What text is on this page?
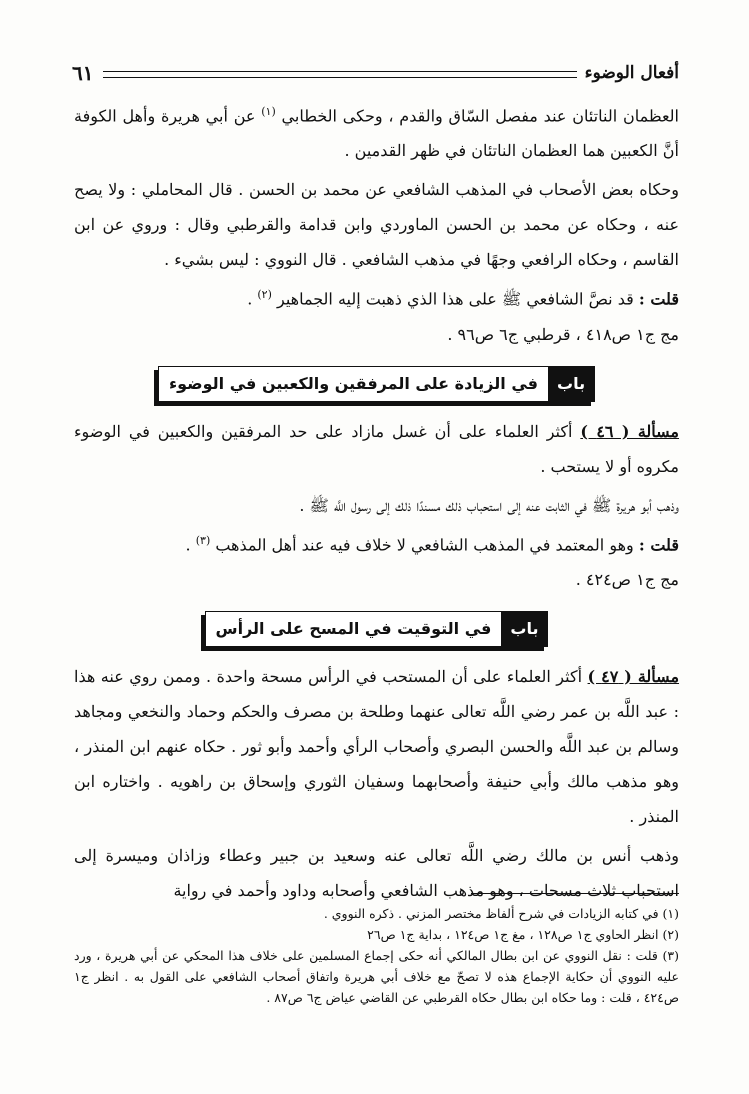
أفعال الوضوء
٦١

العظمان الناتئان عند مفصل السّاق والقدم ، وحكى الخطابي $^{(١)}$ عن أبي هريرة وأهل الكوفة أنَّ الكعبين هما العظمان الناتئان في ظهر القدمين .

وحكاه بعض الأصحاب في المذهب الشافعي عن محمد بن الحسن . قال المحاملي : ولا يصح عنه ، وحكاه عن محمد بن الحسن الماوردي وابن قدامة والقرطبي وقال : وروي عن ابن القاسم ، وحكاه الرافعي وجهًا في مذهب الشافعي . قال النووي : ليس بشيء .

قلت : قد نصَّ الشافعي ﷺ على هذا الذي ذهبت إليه الجماهير $^{(٢)}$ .

مج ج١ ص٤١٨ ، قرطبي ج٦ ص٩٦ .

باب
في الزيادة على المرفقين والكعبين في الوضوء

مسألة ( ٤٦ ) أكثر العلماء على أن غسل مازاد على حد المرفقين والكعبين في الوضوء مكروه أو لا يستحب .

وذهب أبو هريرة ﷺ في الثابت عنه إلى استحباب ذلك مسندًا ذلك إلى رسول اللَّه ﷺ .

قلت : وهو المعتمد في المذهب الشافعي لا خلاف فيه عند أهل المذهب $^{(٣)}$ .

مج ج١ ص٤٢٤ .

باب
في التوقيت في المسح على الرأس

مسألة ( ٤٧ ) أكثر العلماء على أن المستحب في الرأس مسحة واحدة . وممن روي عنه هذا : عبد اللَّه بن عمر رضي اللَّه تعالى عنهما وطلحة بن مصرف والحكم وحماد والنخعي ومجاهد وسالم بن عبد اللَّه والحسن البصري وأصحاب الرأي وأحمد وأبو ثور . حكاه عنهم ابن المنذر ، وهو مذهب مالك وأبي حنيفة وأصحابهما وسفيان الثوري وإسحاق بن راهويه . واختاره ابن المنذر .

وذهب أنس بن مالك رضي اللَّه تعالى عنه وسعيد بن جبير وعطاء وزاذان وميسرة إلى استحباب ثلاث مسحات ، وهو مذهب الشافعي وأصحابه وداود وأحمد في رواية

(١) في كتابه الزيادات في شرح ألفاظ مختصر المزني . ذكره النووي .

(٢) انظر الحاوي ج١ ص١٢٨ ، مغ ج١ ص١٢٤ ، بداية ج١ ص٢٦

(٣) قلت : نقل النووي عن ابن بطال المالكي أنه حكى إجماع المسلمين على خلاف هذا المحكي عن أبي هريرة ، ورد عليه النووي أن حكاية الإجماع هذه لا تصحّ مع خلاف أبي هريرة واتفاق أصحاب الشافعي على القول به . انظر ج١ ص٤٢٤ ، قلت : وما حكاه ابن بطال حكاه القرطبي عن القاضي عياض ج٦ ص٨٧ .
